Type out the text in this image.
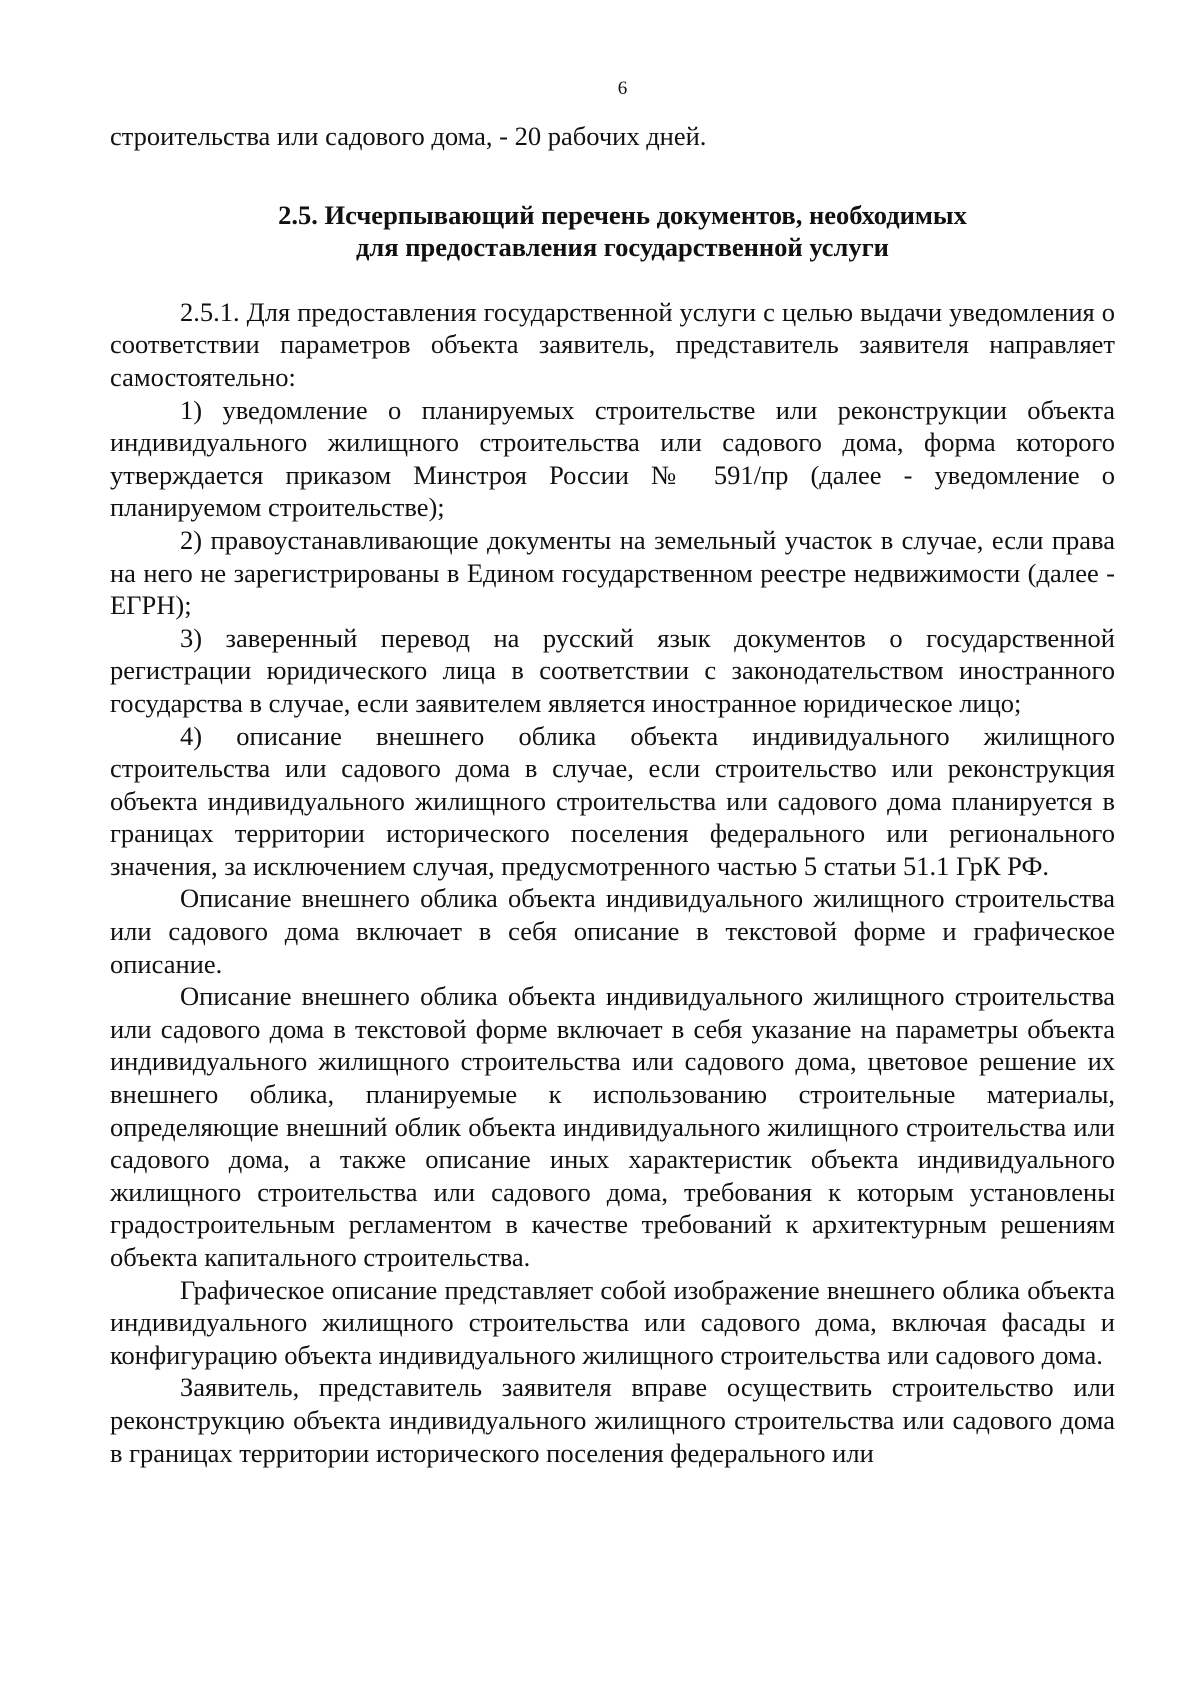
6

строительства или садового дома, - 20 рабочих дней.

2.5. Исчерпывающий перечень документов, необходимых
для предоставления государственной услуги

2.5.1. Для предоставления государственной услуги с целью выдачи уведомления о соответствии параметров объекта заявитель, представитель заявителя направляет самостоятельно:

1) уведомление о планируемых строительстве или реконструкции объекта индивидуального жилищного строительства или садового дома, форма которого утверждается приказом Минстроя России № 591/пр (далее - уведомление о планируемом строительстве);

2) правоустанавливающие документы на земельный участок в случае, если права на него не зарегистрированы в Едином государственном реестре недвижимости (далее - ЕГРН);

3) заверенный перевод на русский язык документов о государственной регистрации юридического лица в соответствии с законодательством иностранного государства в случае, если заявителем является иностранное юридическое лицо;

4) описание внешнего облика объекта индивидуального жилищного строительства или садового дома в случае, если строительство или реконструкция объекта индивидуального жилищного строительства или садового дома планируется в границах территории исторического поселения федерального или регионального значения, за исключением случая, предусмотренного частью 5 статьи 51.1 ГрК РФ.

Описание внешнего облика объекта индивидуального жилищного строительства или садового дома включает в себя описание в текстовой форме и графическое описание.

Описание внешнего облика объекта индивидуального жилищного строительства или садового дома в текстовой форме включает в себя указание на параметры объекта индивидуального жилищного строительства или садового дома, цветовое решение их внешнего облика, планируемые к использованию строительные материалы, определяющие внешний облик объекта индивидуального жилищного строительства или садового дома, а также описание иных характеристик объекта индивидуального жилищного строительства или садового дома, требования к которым установлены градостроительным регламентом в качестве требований к архитектурным решениям объекта капитального строительства.

Графическое описание представляет собой изображение внешнего облика объекта индивидуального жилищного строительства или садового дома, включая фасады и конфигурацию объекта индивидуального жилищного строительства или садового дома.

Заявитель, представитель заявителя вправе осуществить строительство или реконструкцию объекта индивидуального жилищного строительства или садового дома в границах территории исторического поселения федерального или
